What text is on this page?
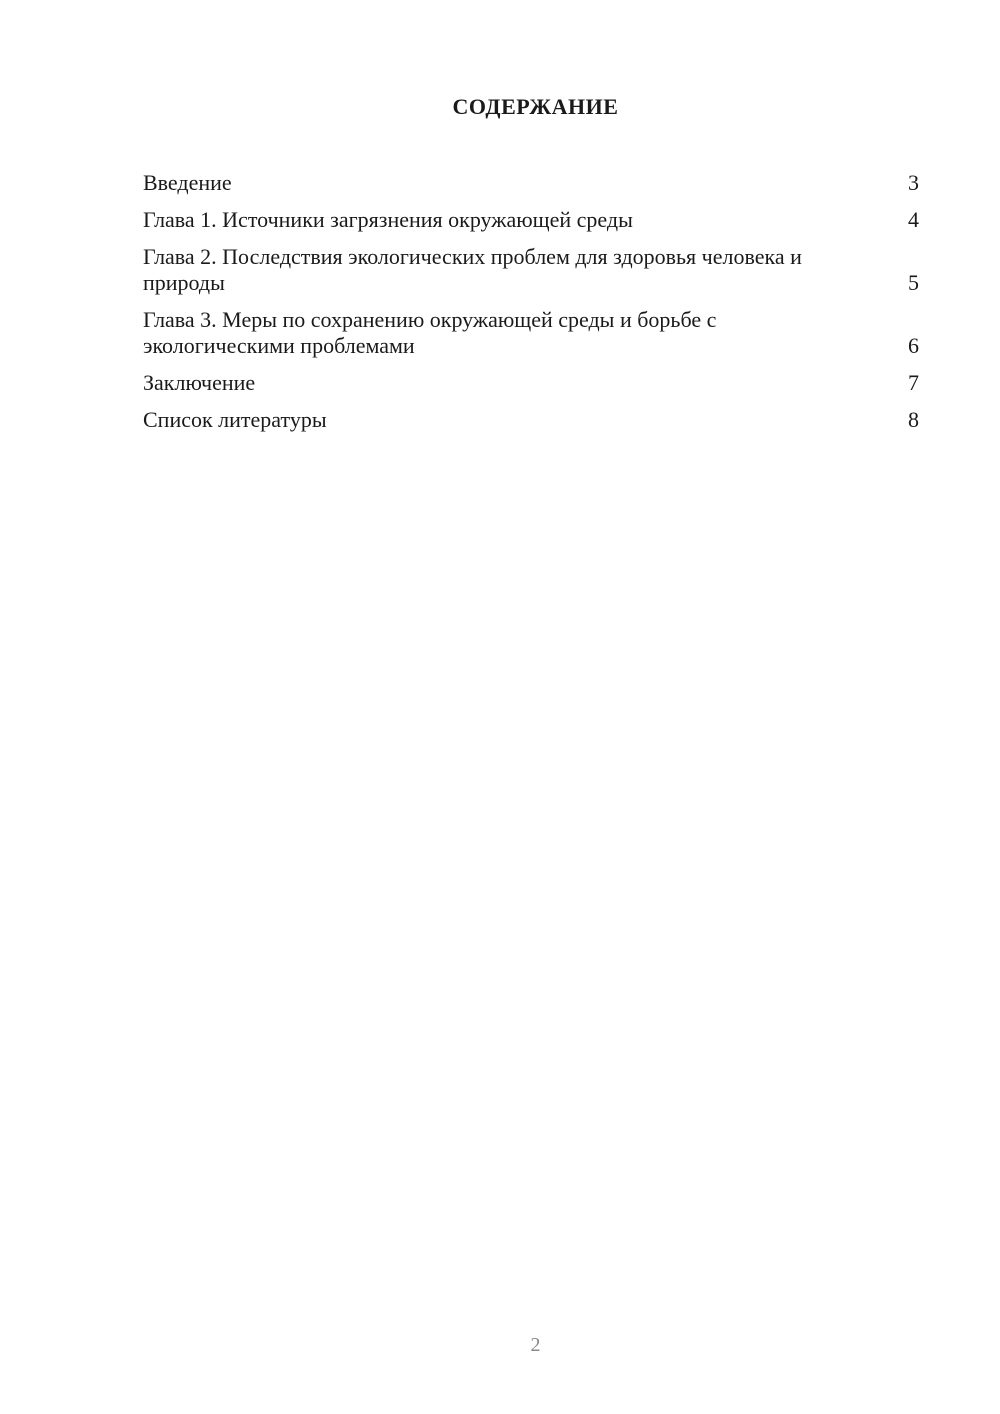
СОДЕРЖАНИЕ
Введение	3
Глава 1. Источники загрязнения окружающей среды	4
Глава 2. Последствия экологических проблем для здоровья человека и природы	5
Глава 3. Меры по сохранению окружающей среды и борьбе с экологическими проблемами	6
Заключение	7
Список литературы	8
2
